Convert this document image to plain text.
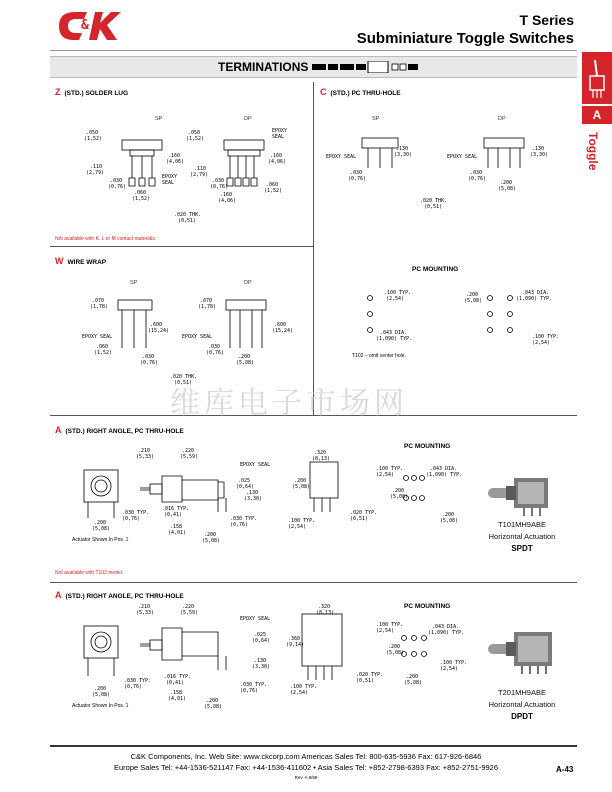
&	T Series
Subminiature Toggle Switches
TERMINATIONS
A
Toggle
Z (STD.) SOLDER LUG
SP	DP
.050
(1,52)
.050
(1,52)
EPOXY
SEAL
.160
(4,06)
.160
(4,06)
.110
(2,79)
.110
(2,79)
.030
(0,76)
.030
(0,76)
EPOXY
SEAL
.060
(1,52)
.160
(4,06)
.060
(1,52)
.020 THK.
(0,51)
Not available with K, L or M contact materials.
C (STD.) PC THRU-HOLE
SP	DP
EPOXY SEAL	EPOXY SEAL
.130
(3,30)
.130
(3,30)
.030
(0,76)
.030
(0,76)
.200
(5,08)
.020 THK.
(0,51)
W WIRE WRAP
SP	DP
.070
(1,78)
.070
(1,78)
.600
(15,24)
.600
(15,24)
EPOXY SEAL	EPOXY SEAL
.060
(1,52)
.030
(0,76)
.030
(0,76)
.200
(5,08)
.020 THK.
(0,51)
PC MOUNTING
.100 TYP.
(2,54)
.043 DIA.
(1,090) TYP.
.200
(5,08)
.043 DIA.
(1,090) TYP.	.100 TYP.
(2,54)
T102 – omit center hole.
维库电子市场网
A (STD.) RIGHT ANGLE, PC THRU-HOLE
PC MOUNTING
.210
(5,33)
.220
(5,59)
EPOXY SEAL
.025
(0,64)
.130
(3,30)
.016 TYP.
(0,41)
.030 TYP.
(0,76)
.030 TYP.
(0,76)
.158
(4,01)	.200
(5,08)
.200
(5,08)
.320
(8,13)
.200
(5,08)
.100 TYP.
(2,54)
.020 TYP.
(0,51)
.100 TYP.
(2,54)
.043 DIA.
(1,090) TYP.
.200
(5,08)
.200
(5,08)
Actuator Shown In Pos. 1
Not available with T102 model.
T101MH9ABE
Horizontal Actuation
SPDT
A (STD.) RIGHT ANGLE, PC THRU-HOLE
PC MOUNTING
.210
(5,33)
.220
(5,59)
EPOXY SEAL
.025
(0,64)
.130
(3,30)
.016 TYP.
(0,41)	.030 TYP.
(0,76)
.030 TYP.
(0,76)
.158
(4,01)	.200
(5,08)
.200
(5,08)
.320
(8,13)
.360
(9,14)
.100 TYP.
(2,54)
.020 TYP.
(0,51)
.100 TYP.
(2,54)
.043 DIA.
(1,090) TYP.
.200
(5,08)
.100 TYP.
(2,54)
.200
(5,08)
Actuator Shown In Pos. 1
T201MH9ABE
Horizontal Actuation
DPDT
C&K Components, Inc. Web Site: www.ckcorp.com Americas Sales Tel: 800-635-5936 Fax: 617-926-6846
Europe Sales Tel: +44-1536-521147 Fax: +44-1536-411602 • Asia Sales Tel: +852-2798-6393 Fax: +852-2751-9926
Rev. A 8/99
A-43
